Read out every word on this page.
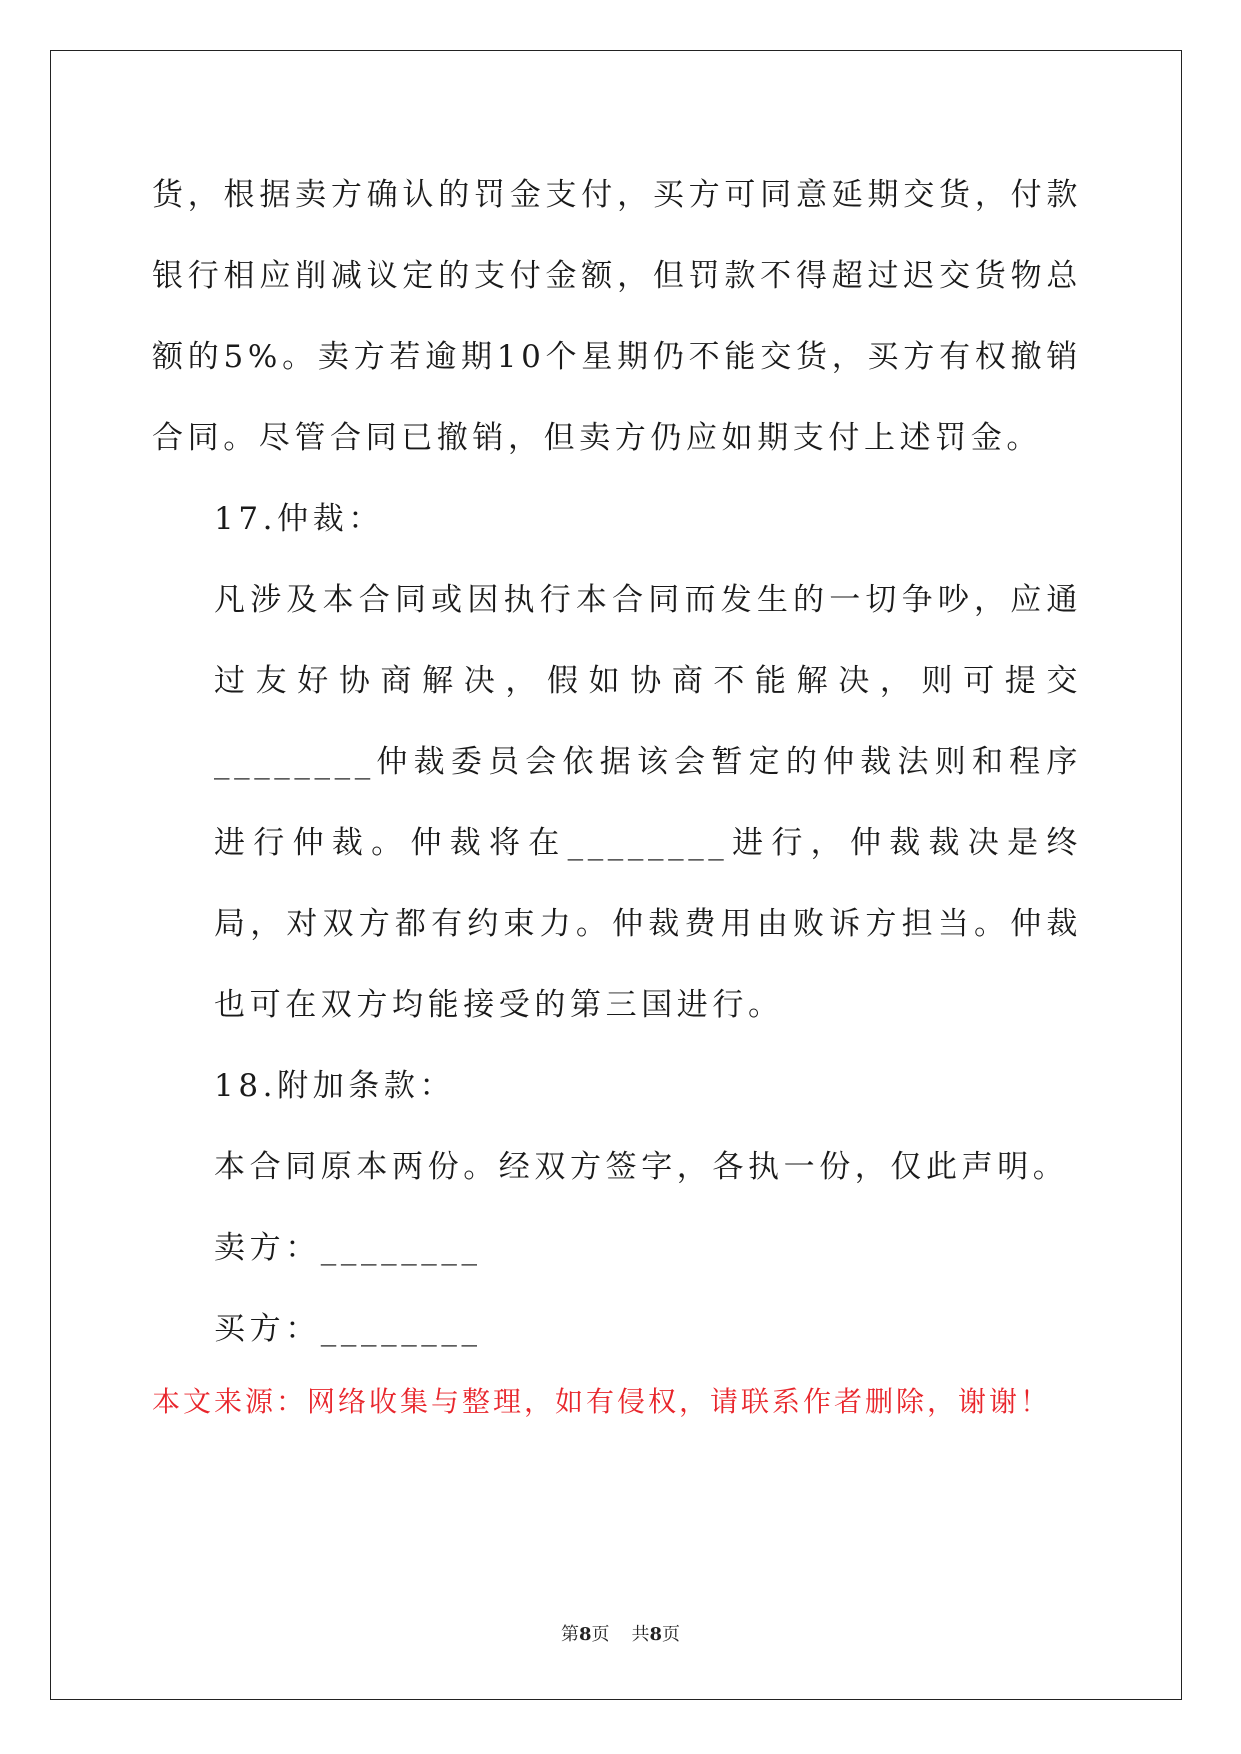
货，根据卖方确认的罚金支付，买方可同意延期交货，付款银行相应削减议定的支付金额，但罚款不得超过迟交货物总额的5%。卖方若逾期10个星期仍不能交货，买方有权撤销合同。尽管合同已撤销，但卖方仍应如期支付上述罚金。

17.仲裁：

凡涉及本合同或因执行本合同而发生的一切争吵，应通过友好协商解决，假如协商不能解决，则可提交________仲裁委员会依据该会暂定的仲裁法则和程序进行仲裁。仲裁将在________进行，仲裁裁决是终局，对双方都有约束力。仲裁费用由败诉方担当。仲裁也可在双方均能接受的第三国进行。

18.附加条款：

本合同原本两份。经双方签字，各执一份，仅此声明。

卖方：________

买方：________

本文来源：网络收集与整理，如有侵权，请联系作者删除，谢谢！
第8页 共8页
